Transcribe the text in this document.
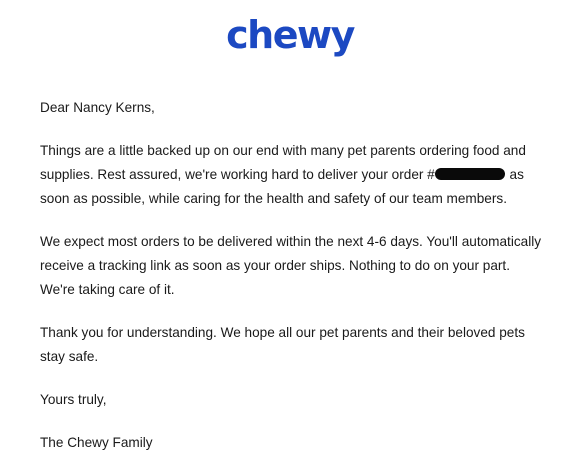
chewy

Dear Nancy Kerns,

Things are a little backed up on our end with many pet parents ordering food and supplies. Rest assured, we're working hard to deliver your order #	as soon as possible, while caring for the health and safety of our team members.

We expect most orders to be delivered within the next 4-6 days. You'll automatically receive a tracking link as soon as your order ships. Nothing to do on your part. We're taking care of it.

Thank you for understanding. We hope all our pet parents and their beloved pets stay safe.

Yours truly,

The Chewy Family
